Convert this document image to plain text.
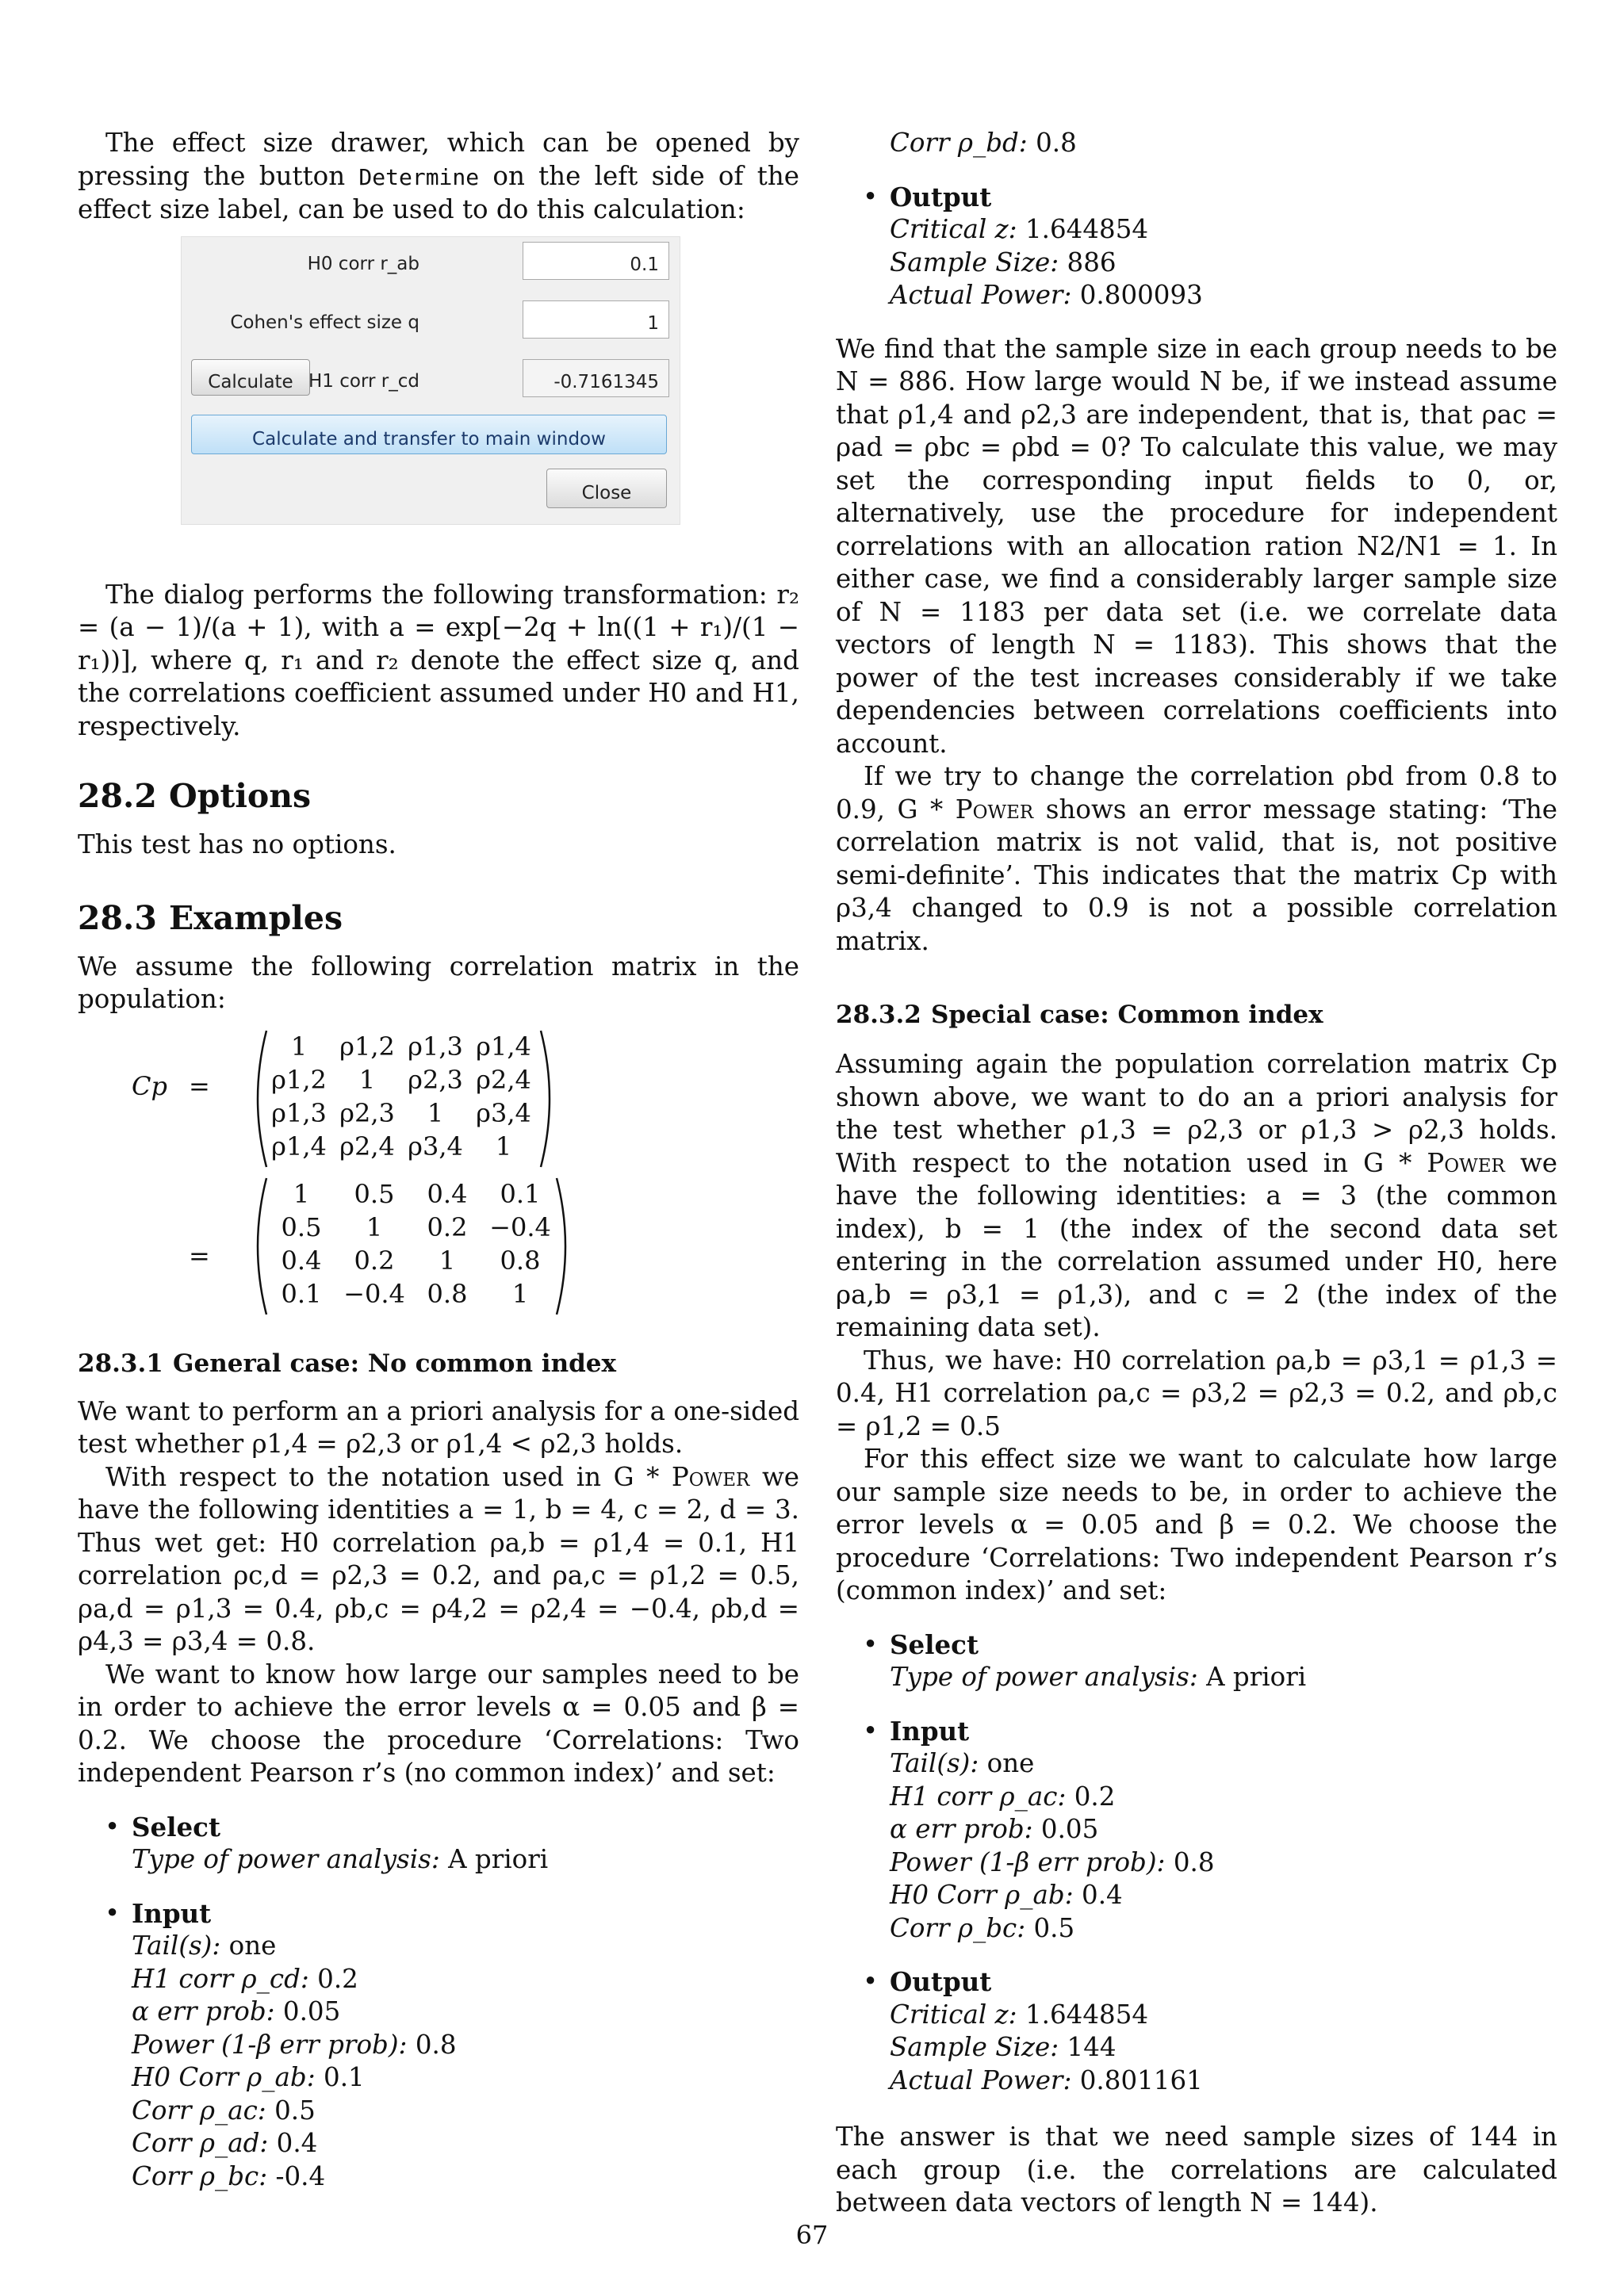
The effect size drawer, which can be opened by pressing the button Determine on the left side of the effect size label, can be used to do this calculation:

H0 corr r_ab	0.1
Cohen's effect size q	1
Calculate H1 corr r_cd	-0.7161345
Calculate and transfer to main window
Close

The dialog performs the following transformation: r₂ = (a − 1)/(a + 1), with a = exp[−2q + ln((1 + r₁)/(1 − r₁))], where q, r₁ and r₂ denote the effect size q, and the correlations coefficient assumed under H0 and H1, respectively.

28.2 Options

This test has no options.

28.3 Examples

We assume the following correlation matrix in the population:

Cp =
=
1	ρ1,2 ρ1,3 ρ1,4
ρ1,2	1	ρ2,3 ρ2,4
ρ1,3 ρ2,3	1	ρ3,4
ρ1,4 ρ2,4 ρ3,4	1
1	0.5	0.4	0.1
0.5	1	0.2 −0.4
0.4	0.2	1	0.8
0.1 −0.4 0.8	1
28.3.1 General case: No common index

We want to perform an a priori analysis for a one-sided test whether ρ1,4 = ρ2,3 or ρ1,4 < ρ2,3 holds.

With respect to the notation used in G * Power we have the following identities a = 1, b = 4, c = 2, d = 3. Thus wet get: H0 correlation ρa,b = ρ1,4 = 0.1, H1 correlation ρc,d = ρ2,3 = 0.2, and ρa,c = ρ1,2 = 0.5, ρa,d = ρ1,3 = 0.4, ρb,c = ρ4,2 = ρ2,4 = −0.4, ρb,d = ρ4,3 = ρ3,4 = 0.8.

We want to know how large our samples need to be in order to achieve the error levels α = 0.05 and β = 0.2. We choose the procedure ‘Correlations: Two independent Pearson r’s (no common index)’ and set:

• Select
Type of power analysis: A priori
• Input
Tail(s): one
H1 corr ρ_cd: 0.2
α err prob: 0.05
Power (1-β err prob): 0.8
H0 Corr ρ_ab: 0.1
Corr ρ_ac: 0.5
Corr ρ_ad: 0.4
Corr ρ_bc: -0.4
Corr ρ_bd: 0.8
• Output
Critical z: 1.644854
Sample Size: 886
Actual Power: 0.800093

We find that the sample size in each group needs to be N = 886. How large would N be, if we instead assume that ρ1,4 and ρ2,3 are independent, that is, that ρac = ρad = ρbc = ρbd = 0? To calculate this value, we may set the corresponding input fields to 0, or, alternatively, use the procedure for independent correlations with an allocation ration N2/N1 = 1. In either case, we find a considerably larger sample size of N = 1183 per data set (i.e. we correlate data vectors of length N = 1183). This shows that the power of the test increases considerably if we take dependencies between correlations coefficients into account.

If we try to change the correlation ρbd from 0.8 to 0.9, G * Power shows an error message stating: ‘The correlation matrix is not valid, that is, not positive semi-definite’. This indicates that the matrix Cp with ρ3,4 changed to 0.9 is not a possible correlation matrix.

28.3.2 Special case: Common index

Assuming again the population correlation matrix Cp shown above, we want to do an a priori analysis for the test whether ρ1,3 = ρ2,3 or ρ1,3 > ρ2,3 holds. With respect to the notation used in G * Power we have the following identities: a = 3 (the common index), b = 1 (the index of the second data set entering in the correlation assumed under H0, here ρa,b = ρ3,1 = ρ1,3), and c = 2 (the index of the remaining data set).

Thus, we have: H0 correlation ρa,b = ρ3,1 = ρ1,3 = 0.4, H1 correlation ρa,c = ρ3,2 = ρ2,3 = 0.2, and ρb,c = ρ1,2 = 0.5

For this effect size we want to calculate how large our sample size needs to be, in order to achieve the error levels α = 0.05 and β = 0.2. We choose the procedure ‘Correlations: Two independent Pearson r’s (common index)’ and set:

• Select
Type of power analysis: A priori
• Input
Tail(s): one
H1 corr ρ_ac: 0.2
α err prob: 0.05
Power (1-β err prob): 0.8
H0 Corr ρ_ab: 0.4
Corr ρ_bc: 0.5
• Output
Critical z: 1.644854
Sample Size: 144
Actual Power: 0.801161

The answer is that we need sample sizes of 144 in each group (i.e. the correlations are calculated between data vectors of length N = 144).

67
